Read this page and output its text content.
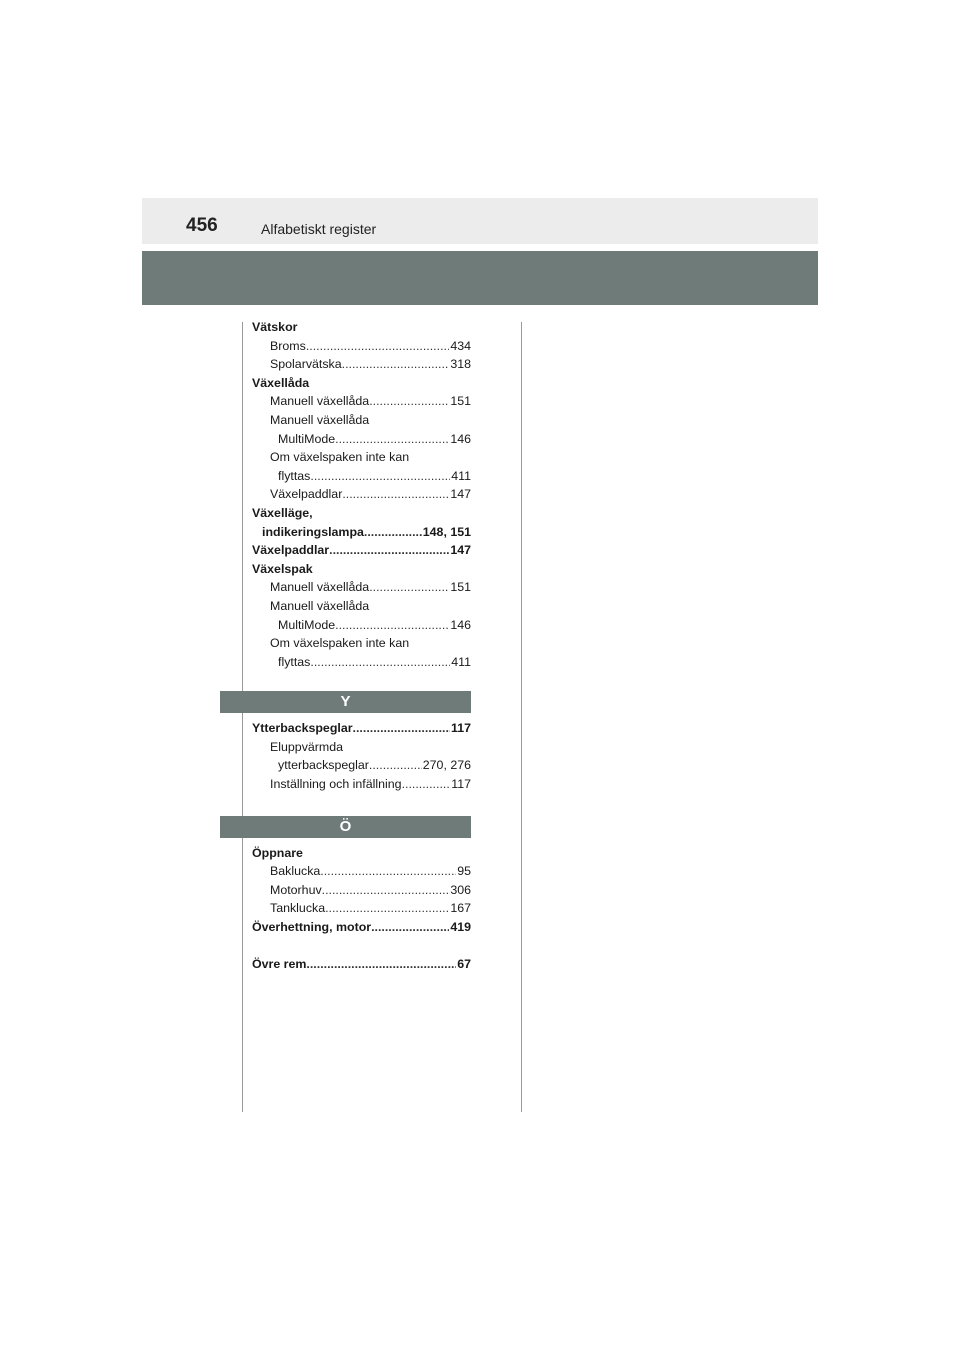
456	Alfabetiskt register
Vätskor
Broms .....	434
Spolarvätska .....	318
Växellåda
Manuell växellåda .....	151
Manuell växellåda
MultiMode .....	146
Om växelspaken inte kan
flyttas .....	411
Växelpaddlar .....	147
Växelläge,
indikeringslampa .....	148, 151
Växelpaddlar .....	147
Växelspak
Manuell växellåda .....	151
Manuell växellåda
MultiMode .....	146
Om växelspaken inte kan
flyttas .....	411
Y
Ytterbackspeglar .....	117
Eluppvärmda
ytterbackspeglar .....	270, 276
Inställning och infällning .....	117
Ö
Öppnare
Baklucka .....	95
Motorhuv .....	306
Tanklucka .....	167
Överhettning, motor .....	419
Övre rem .....	67
